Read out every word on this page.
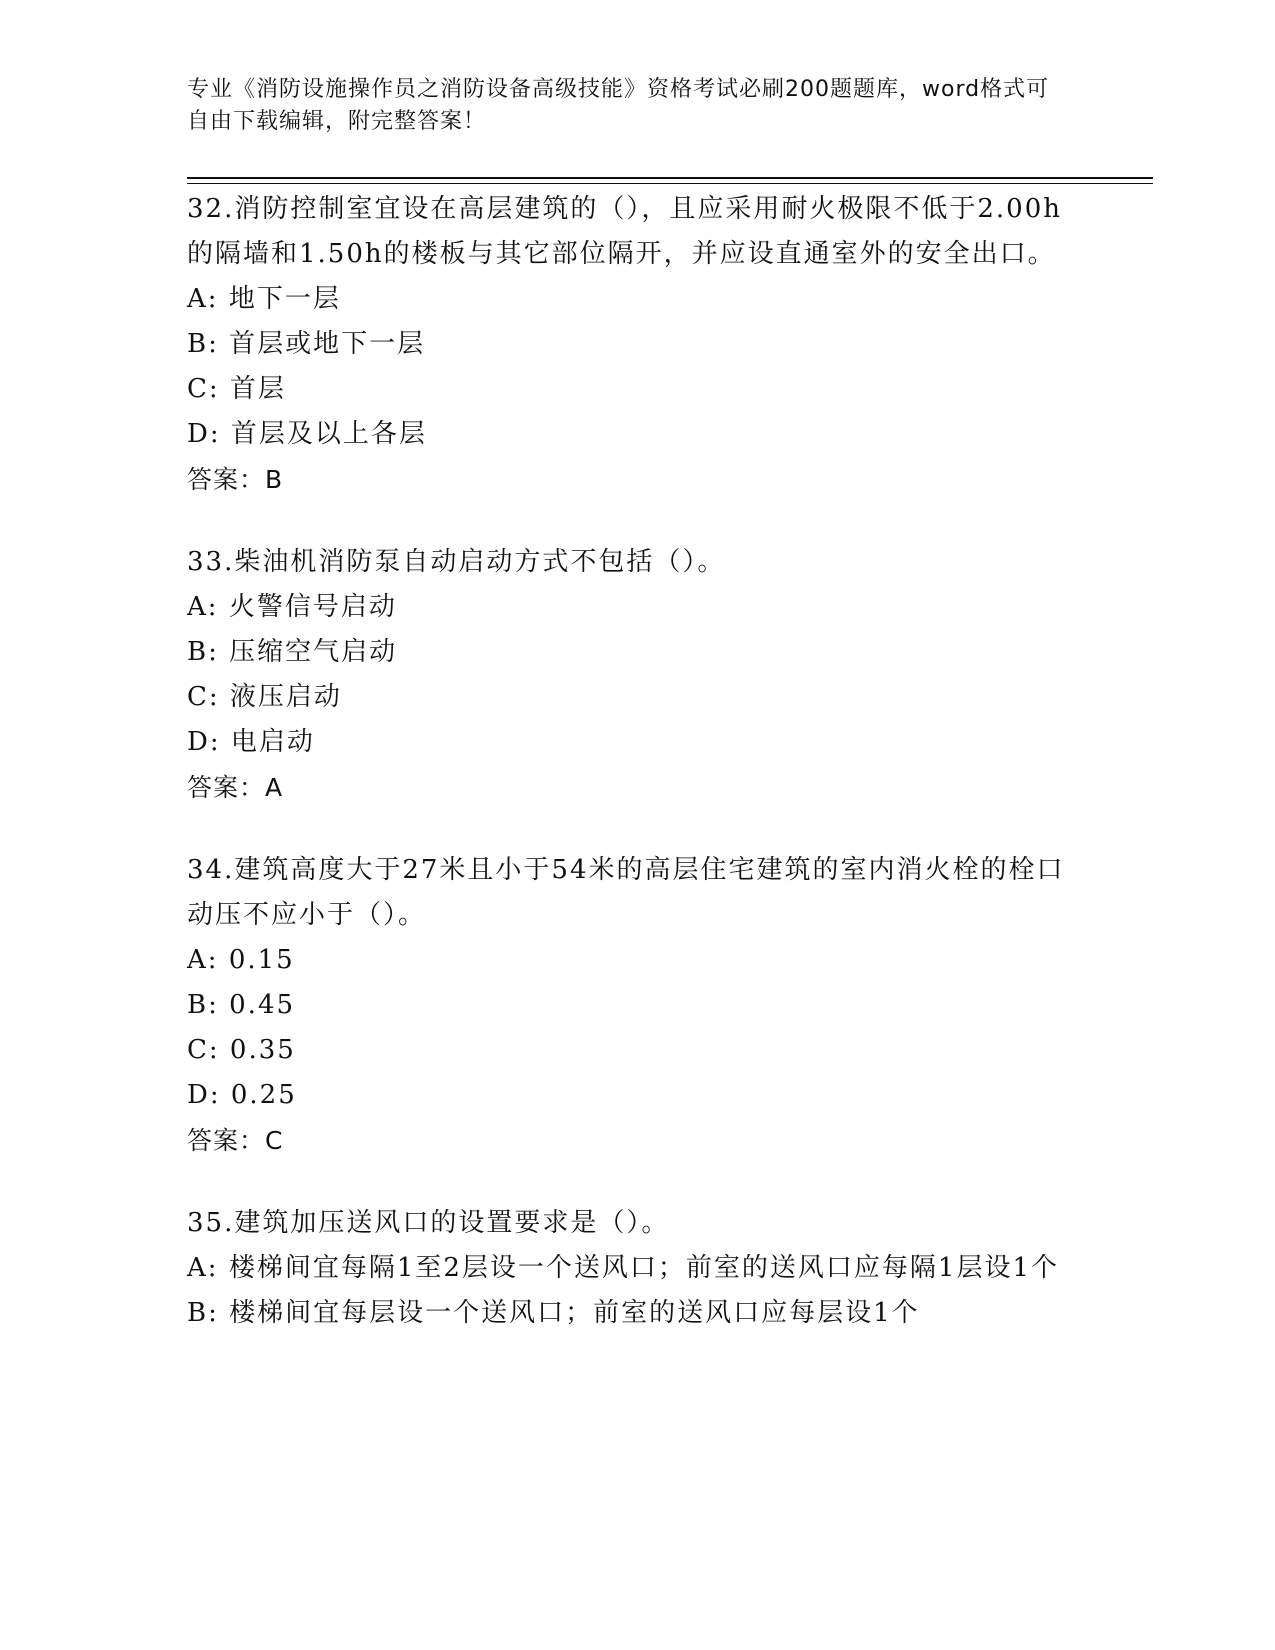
专业《消防设施操作员之消防设备高级技能》资格考试必刷200题题库，word格式可自由下载编辑，附完整答案！
32.消防控制室宜设在高层建筑的（），且应采用耐火极限不低于2.00h的隔墙和1.50h的楼板与其它部位隔开，并应设直通室外的安全出口。
A: 地下一层
B: 首层或地下一层
C: 首层
D: 首层及以上各层
答案：B
33.柴油机消防泵自动启动方式不包括（）。
A: 火警信号启动
B: 压缩空气启动
C: 液压启动
D: 电启动
答案：A
34.建筑高度大于27米且小于54米的高层住宅建筑的室内消火栓的栓口动压不应小于（）。
A: 0.15
B: 0.45
C: 0.35
D: 0.25
答案：C
35.建筑加压送风口的设置要求是（）。
A: 楼梯间宜每隔1至2层设一个送风口；前室的送风口应每隔1层设1个
B: 楼梯间宜每层设一个送风口；前室的送风口应每层设1个
